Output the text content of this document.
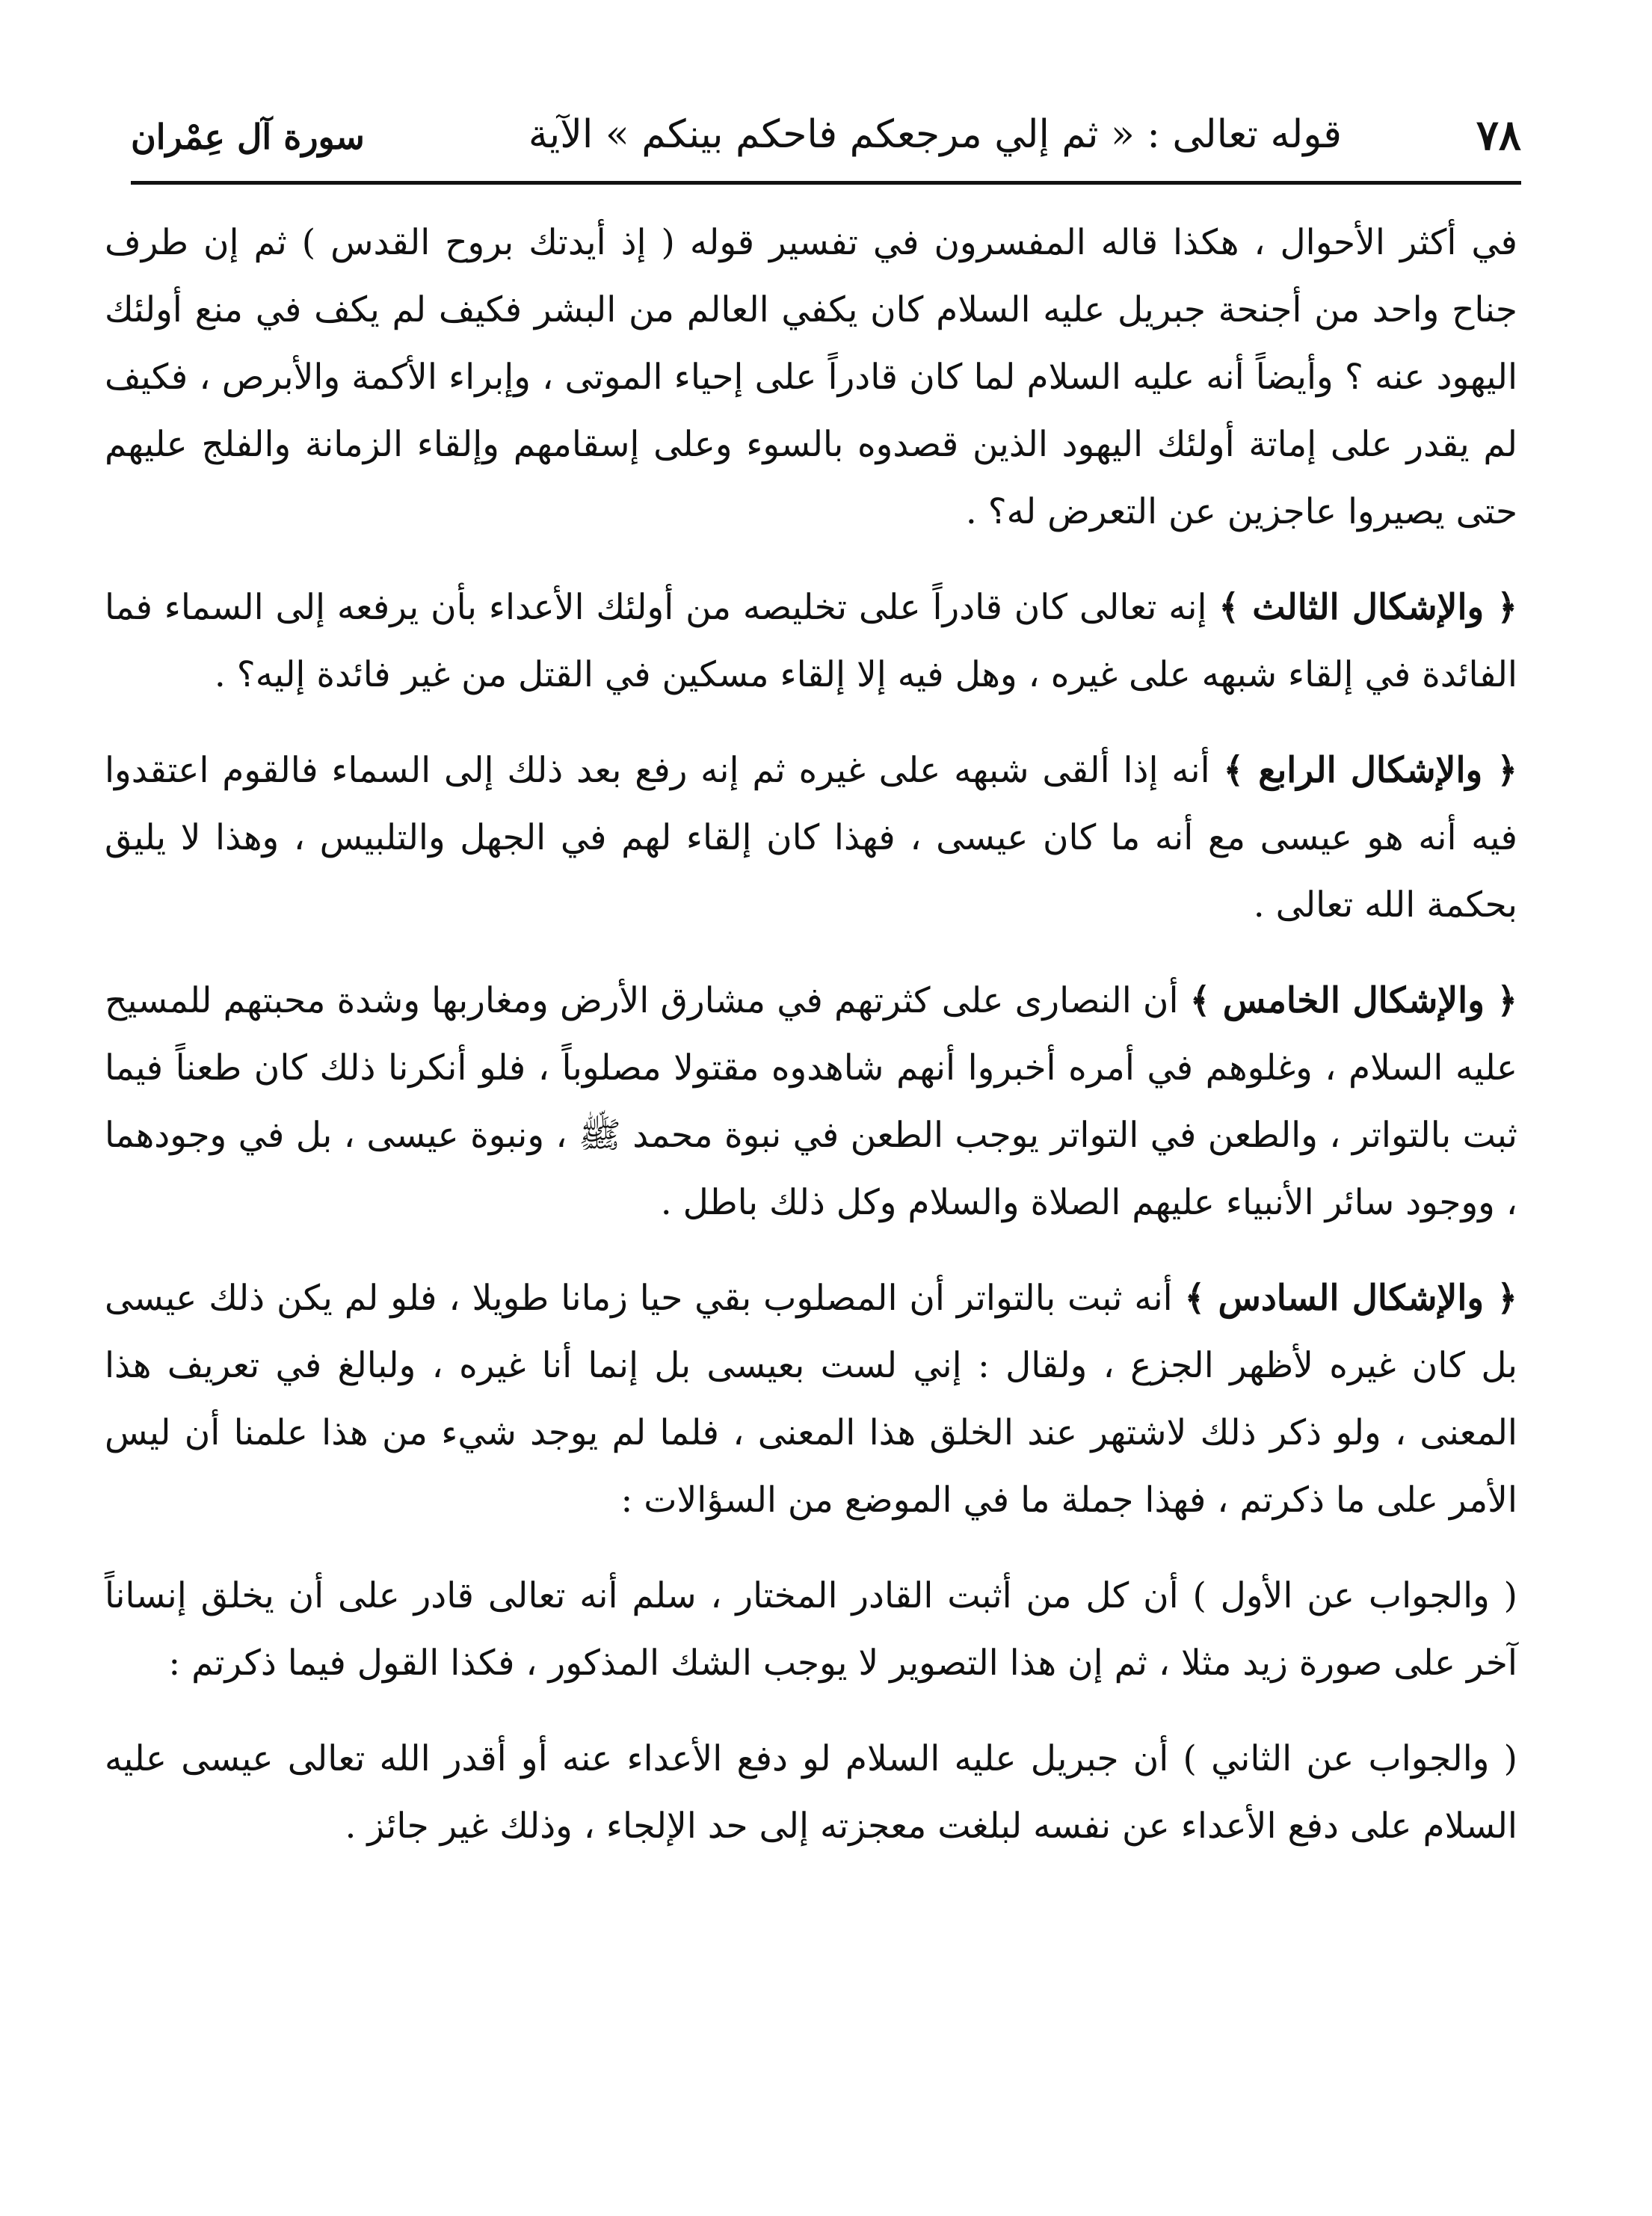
٧٨
قوله تعالى : « ثم إلي مرجعكم فاحكم بينكم » الآية
سورة آل عِمْران

في أكثر الأحوال ، هكذا قاله المفسرون في تفسير قوله ( إذ أيدتك بروح القدس ) ثم إن طرف جناح واحد من أجنحة جبريل عليه السلام كان يكفي العالم من البشر فكيف لم يكف في منع أولئك اليهود عنه ؟ وأيضاً أنه عليه السلام لما كان قادراً على إحياء الموتى ، وإبراء الأكمة والأبرص ، فكيف لم يقدر على إماتة أولئك اليهود الذين قصدوه بالسوء وعلى إسقامهم وإلقاء الزمانة والفلج عليهم حتى يصيروا عاجزين عن التعرض له؟ .

﴿ والإشكال الثالث ﴾ إنه تعالى كان قادراً على تخليصه من أولئك الأعداء بأن يرفعه إلى السماء فما الفائدة في إلقاء شبهه على غيره ، وهل فيه إلا إلقاء مسكين في القتل من غير فائدة إليه؟ .

﴿ والإشكال الرابع ﴾ أنه إذا ألقى شبهه على غيره ثم إنه رفع بعد ذلك إلى السماء فالقوم اعتقدوا فيه أنه هو عيسى مع أنه ما كان عيسى ، فهذا كان إلقاء لهم في الجهل والتلبيس ، وهذا لا يليق بحكمة الله تعالى .

﴿ والإشكال الخامس ﴾ أن النصارى على كثرتهم في مشارق الأرض ومغاربها وشدة محبتهم للمسيح عليه السلام ، وغلوهم في أمره أخبروا أنهم شاهدوه مقتولا مصلوباً ، فلو أنكرنا ذلك كان طعناً فيما ثبت بالتواتر ، والطعن في التواتر يوجب الطعن في نبوة محمد ﷺ ، ونبوة عيسى ، بل في وجودهما ، ووجود سائر الأنبياء عليهم الصلاة والسلام وكل ذلك باطل .

﴿ والإشكال السادس ﴾ أنه ثبت بالتواتر أن المصلوب بقي حيا زمانا طويلا ، فلو لم يكن ذلك عيسى بل كان غيره لأظهر الجزع ، ولقال : إني لست بعيسى بل إنما أنا غيره ، ولبالغ في تعريف هذا المعنى ، ولو ذكر ذلك لاشتهر عند الخلق هذا المعنى ، فلما لم يوجد شيء من هذا علمنا أن ليس الأمر على ما ذكرتم ، فهذا جملة ما في الموضع من السؤالات :

( والجواب عن الأول ) أن كل من أثبت القادر المختار ، سلم أنه تعالى قادر على أن يخلق إنساناً آخر على صورة زيد مثلا ، ثم إن هذا التصوير لا يوجب الشك المذكور ، فكذا القول فيما ذكرتم :

( والجواب عن الثاني ) أن جبريل عليه السلام لو دفع الأعداء عنه أو أقدر الله تعالى عيسى عليه السلام على دفع الأعداء عن نفسه لبلغت معجزته إلى حد الإلجاء ، وذلك غير جائز .
